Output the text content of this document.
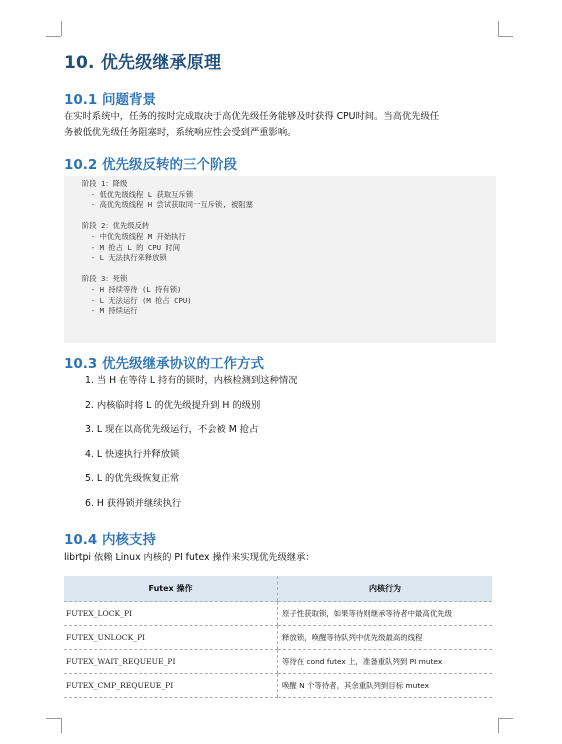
10. 优先级继承原理
10.1 问题背景

在实时系统中，任务的按时完成取决于高优先级任务能够及时获得 CPU时间。当高优先级任

务被低优先级任务阻塞时，系统响应性会受到严重影响。

10.2 优先级反转的三个阶段
阶段 1：降级
- 低优先级线程 L 获取互斥锁
- 高优先级线程 H 尝试获取同一互斥锁, 被阻塞

阶段 2：优先级反转
- 中优先级线程 M 开始执行
- M 抢占 L 的 CPU 时间
- L 无法执行来释放锁

阶段 3：死锁
- H 持续等待 (L 持有锁)
- L 无法运行 (M 抢占 CPU)
- M 持续运行
10.3 优先级继承协议的工作方式
1. 当 H 在等待 L 持有的锁时，内核检测到这种情况
2. 内核临时将 L 的优先级提升到 H 的级别
3. L 现在以高优先级运行，不会被 M 抢占
4. L 快速执行并释放锁
5. L 的优先级恢复正常
6. H 获得锁并继续执行
10.4 内核支持

librtpi 依赖 Linux 内核的 PI futex 操作来实现优先级继承：

Futex 操作	内核行为
FUTEX_LOCK_PI	原子性获取锁，如果等待则继承等待者中最高优先级
FUTEX_UNLOCK_PI	释放锁，唤醒等待队列中优先级最高的线程
FUTEX_WAIT_REQUEUE_PI	等待在 cond futex 上，准备重队列到 PI mutex
FUTEX_CMP_REQUEUE_PI	唤醒 N 个等待者，其余重队列到目标 mutex
